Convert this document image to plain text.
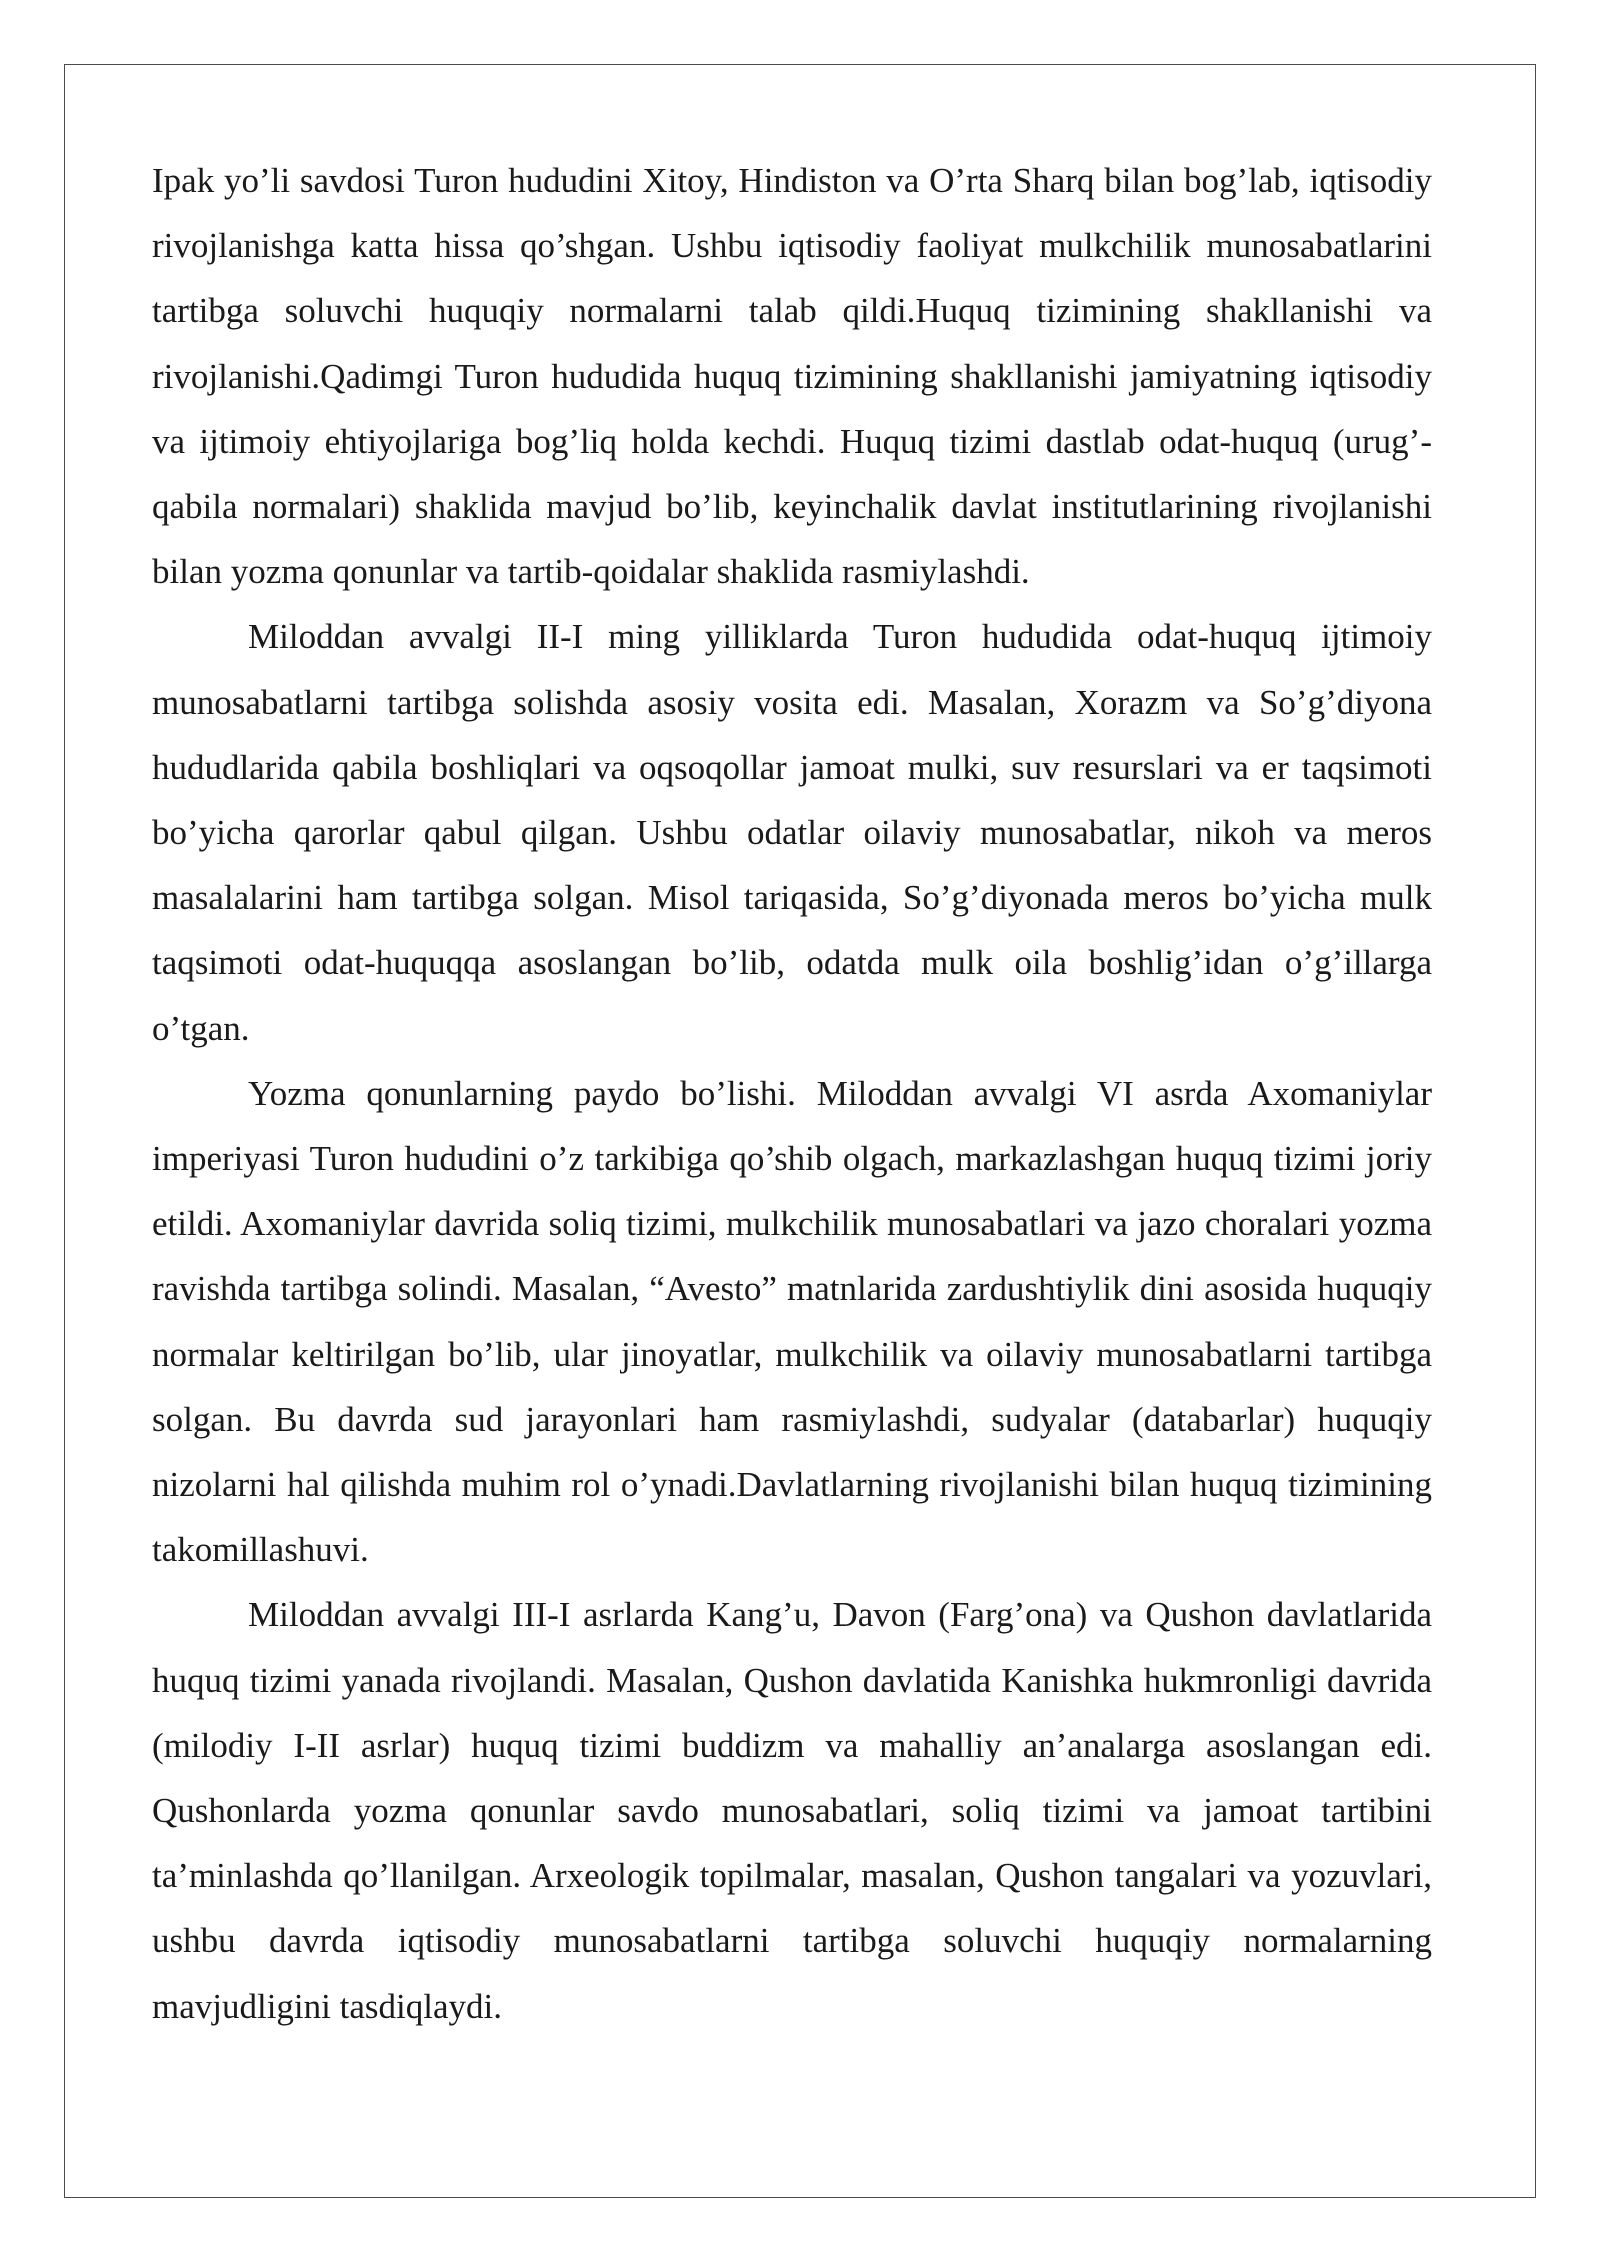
Ipak yo’li savdosi Turon hududini Xitoy, Hindiston va O’rta Sharq bilan bog’lab, iqtisodiy rivojlanishga katta hissa qo’shgan. Ushbu iqtisodiy faoliyat mulkchilik munosabatlarini tartibga soluvchi huquqiy normalarni talab qildi.Huquq tizimining shakllanishi va rivojlanishi.Qadimgi Turon hududida huquq tizimining shakllanishi jamiyatning iqtisodiy va ijtimoiy ehtiyojlariga bog’liq holda kechdi. Huquq tizimi dastlab odat-huquq (urug’-qabila normalari) shaklida mavjud bo’lib, keyinchalik davlat institutlarining rivojlanishi bilan yozma qonunlar va tartib-qoidalar shaklida rasmiylashdi.

Miloddan avvalgi II-I ming yilliklarda Turon hududida odat-huquq ijtimoiy munosabatlarni tartibga solishda asosiy vosita edi. Masalan, Xorazm va So’g’diyona hududlarida qabila boshliqlari va oqsoqollar jamoat mulki, suv resurslari va er taqsimoti bo’yicha qarorlar qabul qilgan. Ushbu odatlar oilaviy munosabatlar, nikoh va meros masalalarini ham tartibga solgan. Misol tariqasida, So’g’diyonada meros bo’yicha mulk taqsimoti odat-huquqqa asoslangan bo’lib, odatda mulk oila boshlig’idan o’g’illarga o’tgan.

Yozma qonunlarning paydo bo’lishi. Miloddan avvalgi VI asrda Axomaniylar imperiyasi Turon hududini o’z tarkibiga qo’shib olgach, markazlashgan huquq tizimi joriy etildi. Axomaniylar davrida soliq tizimi, mulkchilik munosabatlari va jazo choralari yozma ravishda tartibga solindi. Masalan, “Avesto” matnlarida zardushtiylik dini asosida huquqiy normalar keltirilgan bo’lib, ular jinoyatlar, mulkchilik va oilaviy munosabatlarni tartibga solgan. Bu davrda sud jarayonlari ham rasmiylashdi, sudyalar (databarlar) huquqiy nizolarni hal qilishda muhim rol o’ynadi.Davlatlarning rivojlanishi bilan huquq tizimining takomillashuvi.

Miloddan avvalgi III-I asrlarda Kang’u, Davon (Farg’ona) va Qushon davlatlarida huquq tizimi yanada rivojlandi. Masalan, Qushon davlatida Kanishka hukmronligi davrida (milodiy I-II asrlar) huquq tizimi buddizm va mahalliy an’analarga asoslangan edi. Qushonlarda yozma qonunlar savdo munosabatlari, soliq tizimi va jamoat tartibini ta’minlashda qo’llanilgan. Arxeologik topilmalar, masalan, Qushon tangalari va yozuvlari, ushbu davrda iqtisodiy munosabatlarni tartibga soluvchi huquqiy normalarning mavjudligini tasdiqlaydi.
